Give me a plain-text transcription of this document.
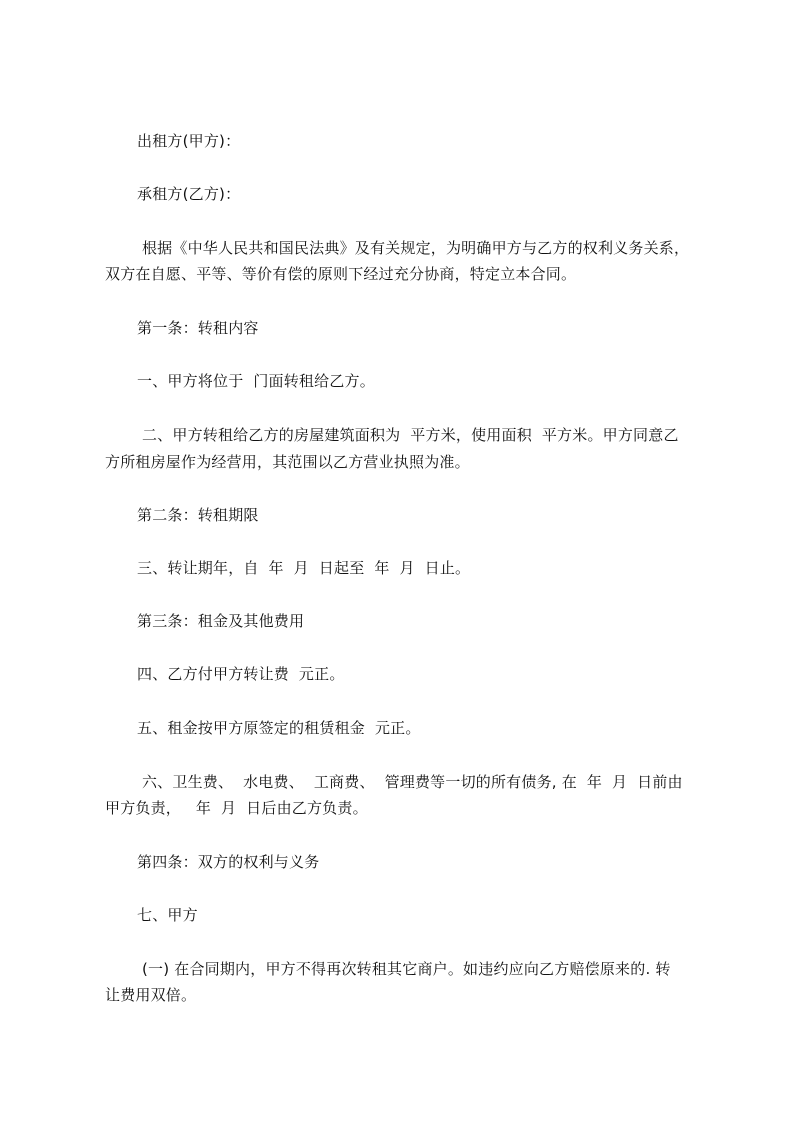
出租方(甲方)：
承租方(乙方)：
根据《中华人民共和国民法典》及有关规定，为明确甲方与乙方的权利义务关系，
双方在自愿、平等、等价有偿的原则下经过充分协商，特定立本合同。
第一条：转租内容
一、甲方将位于  门面转租给乙方。
二、甲方转租给乙方的房屋建筑面积为  平方米，使用面积  平方米。甲方同意乙
方所租房屋作为经营用，其范围以乙方营业执照为准。
第二条：转租期限
三、转让期年，自  年  月  日起至  年  月  日止。
第三条：租金及其他费用
四、乙方付甲方转让费  元正。
五、租金按甲方原签定的租赁租金  元正。
六、卫生费、  水电费、  工商费、  管理费等一切的所有债务, 在  年  月  日前由
甲方负责，   年  月  日后由乙方负责。
第四条：双方的权利与义务
七、甲方
(一) 在合同期内，甲方不得再次转租其它商户。如违约应向乙方赔偿原来的. 转
让费用双倍。
